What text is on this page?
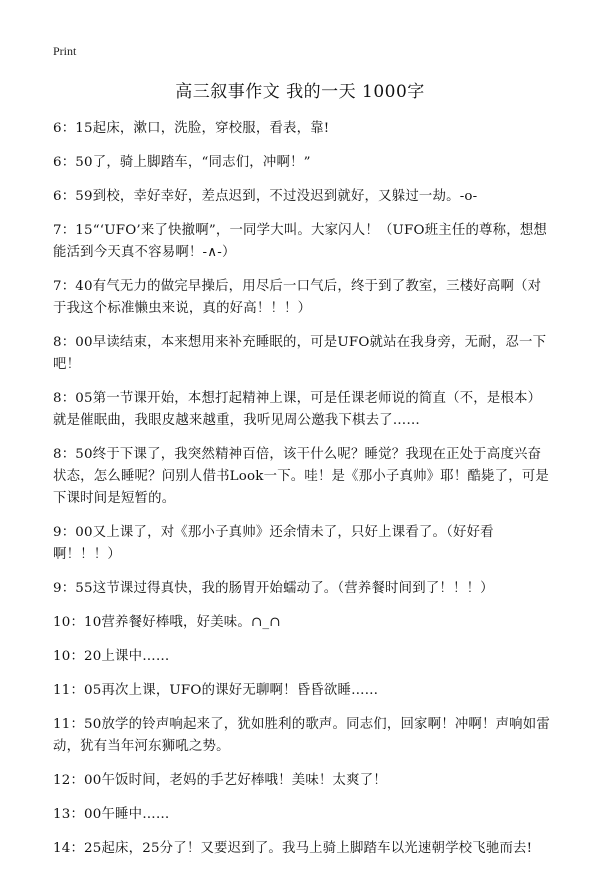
Print
高三叙事作文 我的一天 1000字
6：15起床，漱口，洗脸，穿校服，看表，靠!
6：50了，骑上脚踏车，“同志们，冲啊！”
6：59到校，幸好幸好，差点迟到，不过没迟到就好，又躲过一劫。-o-
7：15“‘UFO’来了快撤啊”，一同学大叫。大家闪人！（UFO班主任的尊称，想想能活到今天真不容易啊！-∧-）
7：40有气无力的做完早操后，用尽后一口气后，终于到了教室，三楼好高啊（对于我这个标准懒虫来说，真的好高！！！）
8：00早读结束，本来想用来补充睡眠的，可是UFO就站在我身旁，无耐，忍一下吧！
8：05第一节课开始，本想打起精神上课，可是任课老师说的简直（不，是根本）就是催眠曲，我眼皮越来越重，我听见周公邀我下棋去了……
8：50终于下课了，我突然精神百倍，该干什么呢？睡觉？我现在正处于高度兴奋状态，怎么睡呢？问别人借书Look一下。哇！是《那小子真帅》耶！酷毙了，可是下课时间是短暂的。
9：00又上课了，对《那小子真帅》还余情未了，只好上课看了。（好好看啊！！！）
9：55这节课过得真快，我的肠胃开始蠕动了。（营养餐时间到了！！！）
10：10营养餐好棒哦，好美味。∩_∩
10：20上课中……
11：05再次上课，UFO的课好无聊啊！昏昏欲睡……
11：50放学的铃声响起来了，犹如胜利的歌声。同志们，回家啊！冲啊！声响如雷动，犹有当年河东狮吼之势。
12：00午饭时间，老妈的手艺好棒哦！美味！太爽了！
13：00午睡中……
14：25起床，25分了！又要迟到了。我马上骑上脚踏车以光速朝学校飞驰而去!
